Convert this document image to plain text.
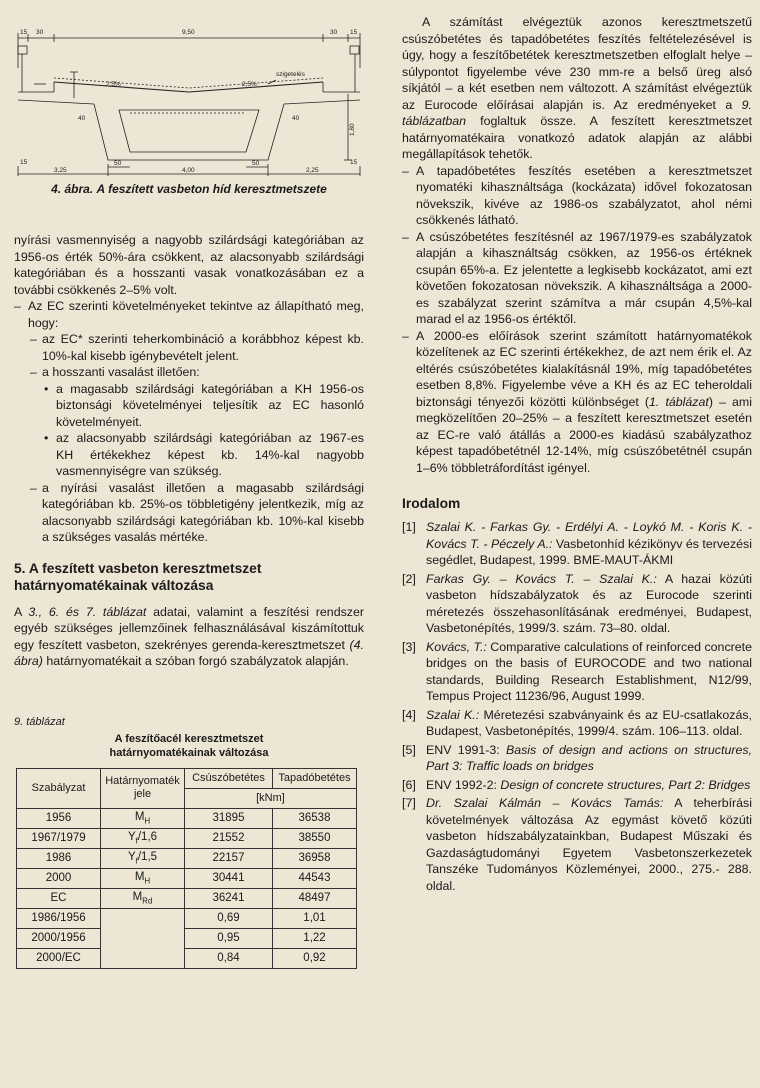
30
15	9,50	30 15
szigetelés
2,5%	2,5%
40	40
50	50
3,25	4,00	2,25
15	15
1,80
4. ábra. A feszített vasbeton híd keresztmetszete

nyírási vasmennyiség a nagyobb szilárdsági kategóriában az 1956-os érték 50%-ára csökkent, az alacsonyabb szilárdsági kategóriában és a hosszanti vasak vonatkozásában ez a további csökkenés 2–5% volt.

– Az EC szerinti követelményeket tekintve az állapítható meg, hogy:
– az EC* szerinti teherkombináció a korábbhoz képest kb. 10%-kal kisebb igénybevételt jelent.
– a hosszanti vasalást illetően:
• a magasabb szilárdsági kategóriában a KH 1956-os biztonsági követelményei teljesítik az EC hasonló követelményeit.
• az alacsonyabb szilárdsági kategóriában az 1967-es KH értékekhez képest kb. 14%-kal nagyobb vasmennyiségre van szükség.
– a nyírási vasalást illetően a magasabb szilárdsági kategóriában kb. 25%-os többletigény jelentkezik, míg az alacsonyabb szilárdsági kategóriában kb. 10%-kal kisebb a szükséges vasalás mértéke.
5. A feszített vasbeton keresztmetszet határnyomatékainak változása

A 3., 6. és 7. táblázat adatai, valamint a feszítési rendszer egyéb szükséges jellemzőinek felhasználásával kiszámítottuk egy feszített vasbeton, szekrényes gerenda-keresztmetszet (4. ábra) határnyomatékait a szóban forgó szabályzatok alapján.

9. táblázat
A feszítőacél keresztmetszet
határnyomatékainak változása
Szabályzat	Határnyomaték jele	Csúszóbetétes	Tapadóbetétes
		[kNm]	
1956	$M_H$	31895	36538
1967/1979	$Y_f/1,6$	21552	38550
1986	$Y_f/1,5$	22157	36958
2000	$M_H$	30441	44543
EC	$M_{Rd}$	36241	48497
1986/1956		0,69	1,01
2000/1956		0,95	1,22
2000/EC		0,84	0,92

A számítást elvégeztük azonos keresztmetszetű csúszóbetétes és tapadóbetétes feszítés feltételezésével is úgy, hogy a feszítőbetétek keresztmetszetben elfoglalt helye – súlypontot figyelembe véve 230 mm-re a belső üreg alsó síkjától – a két esetben nem változott. A számítást elvégeztük az Eurocode előírásai alapján is. Az eredményeket a 9. táblázatban foglaltuk össze. A feszített keresztmetszet határnyomatékaira vonatkozó adatok alapján az alábbi megállapítások tehetők.

– A tapadóbetétes feszítés esetében a keresztmetszet nyomatéki kihasználtsága (kockázata) idővel fokozatosan növekszik, kivéve az 1986-os szabályzatot, ahol némi csökkenés látható.
– A csúszóbetétes feszítésnél az 1967/1979-es szabályzatok alapján a kihasználtság csökken, az 1956-os értéknek csupán 65%-a. Ez jelentette a legkisebb kockázatot, ami ezt követően fokozatosan növekszik. A kihasználtsága a 2000-es szabályzat szerint számítva a már csupán 4,5%-kal marad el az 1956-os értéktől.
– A 2000-es előírások szerint számított határnyomatékok közelítenek az EC szerinti értékekhez, de azt nem érik el. Az eltérés csúszóbetétes kialakításnál 19%, míg tapadóbetétes esetben 8,8%. Figyelembe véve a KH és az EC teheroldali biztonsági tényezői közötti különbséget (1. táblázat) – ami megközelítően 20–25% – a feszített keresztmetszet esetén az EC-re való átállás a 2000-es kiadású szabályzathoz képest tapadóbetétnél 12-14%, míg csúszóbetétnél csupán 1–6% többletráfordítást igényel.
Irodalom
[1] Szalai K. - Farkas Gy. - Erdélyi A. - Loykó M. - Koris K. - Kovács T. - Péczely A.: Vasbetonhíd kézikönyv és tervezési segédlet, Budapest, 1999. BME-MAUT-ÁKMI
[2] Farkas Gy. – Kovács T. – Szalai K.: A hazai közúti vasbeton hídszabályzatok és az Eurocode szerinti méretezés összehasonlításának eredményei, Budapest, Vasbetonépítés, 1999/3. szám. 73–80. oldal.
[3] Kovács, T.: Comparative calculations of reinforced concrete bridges on the basis of EUROCODE and two national standards, Building Research Establishment, N12/99, Tempus Project 11236/96, August 1999.
[4] Szalai K.: Méretezési szabványaink és az EU-csatlakozás, Budapest, Vasbetonépítés, 1999/4. szám. 106–113. oldal.
[5] ENV 1991-3: Basis of design and actions on structures, Part 3: Traffic loads on bridges
[6] ENV 1992-2: Design of concrete structures, Part 2: Bridges
[7] Dr. Szalai Kálmán – Kovács Tamás: A teherbírási követelmények változása Az egymást követő közúti vasbeton hídszabályzatainkban, Budapest Műszaki és Gazdaságtudományi Egyetem Vasbetonszerkezetek Tanszéke Tudományos Közleményei, 2000., 275.- 288. oldal.
